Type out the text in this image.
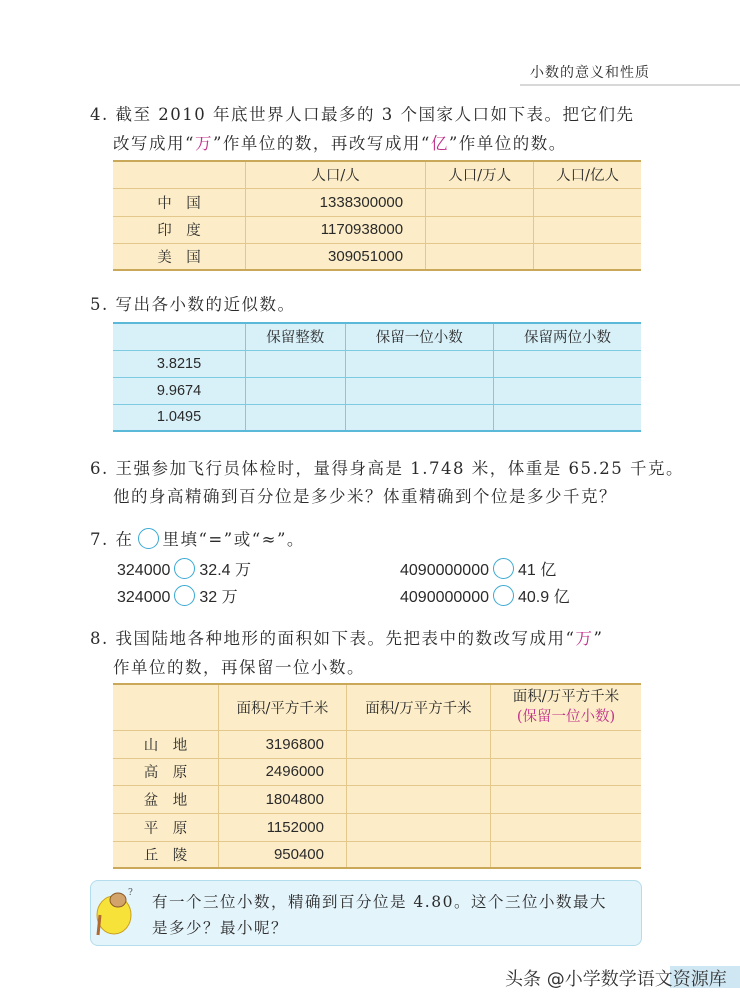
小数的意义和性质
4. 截至 2010 年底世界人口最多的 3 个国家人口如下表。把它们先
改写成用“万”作单位的数，再改写成用“亿”作单位的数。
	人口/人	人口/万人	人口/亿人
中　国	1338300000		
印　度	1170938000		
美　国	309051000		
5. 写出各小数的近似数。
	保留整数	保留一位小数	保留两位小数
3.8215			
9.9674			
1.0495			
6. 王强参加飞行员体检时，量得身高是 1.748 米，体重是 65.25 千克。
他的身高精确到百分位是多少米？体重精确到个位是多少千克？
7. 在 里填“=”或“≈”。
324000 32.4 万	4090000000 41 亿
324000 32 万	4090000000 40.9 亿
8. 我国陆地各种地形的面积如下表。先把表中的数改写成用“万”
作单位的数，再保留一位小数。
	面积/平方千米	面积/万平方千米	面积/万平方千米
(保留一位小数)

山　地	3196800		
高　原	2496000		
盆　地	1804800		
平　原	1152000		
丘　陵	950400		
? 有一个三位小数，精确到百分位是 4.80。这个三位小数最大
是多少？最小呢？
头条 @小学数学语文资源库
